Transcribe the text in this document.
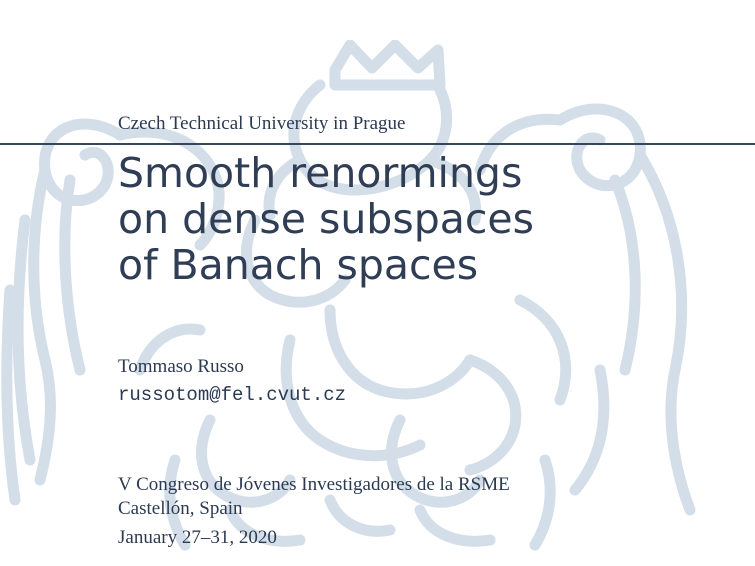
Czech Technical University in Prague
Smooth renormings
on dense subspaces
of Banach spaces
Tommaso Russo
russotom@fel.cvut.cz
V Congreso de Jóvenes Investigadores de la RSME
Castellón, Spain
January 27–31, 2020
